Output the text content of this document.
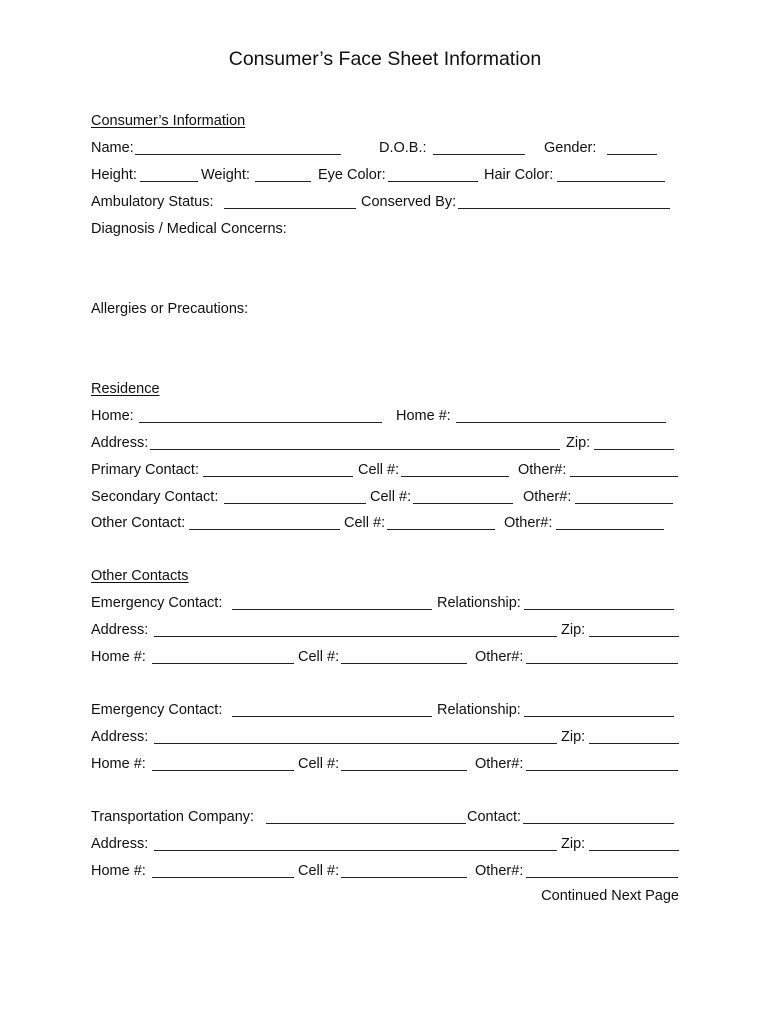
Consumer’s Face Sheet Information
Consumer’s Information
Name:	D.O.B.:	Gender:
Height:	Weight:	Eye Color:	Hair Color:
Ambulatory Status:	Conserved By:
Diagnosis / Medical Concerns:
Allergies or Precautions:
Residence
Home:	Home #:
Address:	Zip:
Primary Contact:	Cell #:	Other#:
Secondary Contact:	Cell #:	Other#:
Other Contact:	Cell #:	Other#:
Other Contacts
Emergency Contact:	Relationship:
Address:	Zip:
Home #:	Cell #:	Other#:
Emergency Contact:	Relationship:
Address:	Zip:
Home #:	Cell #:	Other#:
Transportation Company:	Contact:
Address:	Zip:
Home #:	Cell #:	Other#:
Continued Next Page
